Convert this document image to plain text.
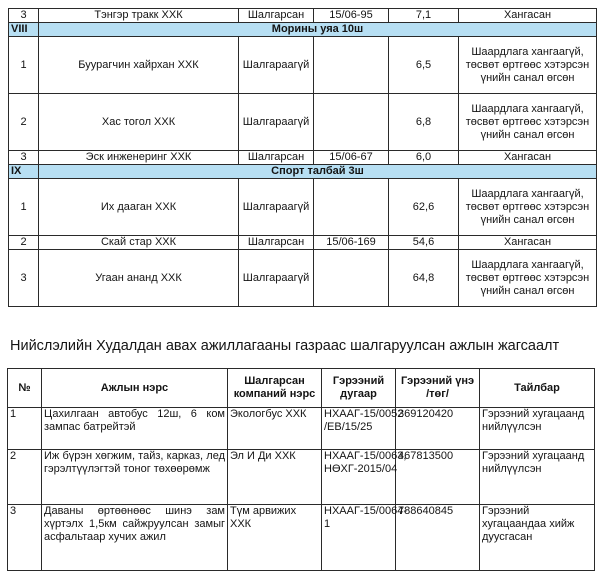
3	Тэнгэр тракк ХХК	Шалгарсан	15/06-95	7,1	Хангасан
VIII	Морины уяа 10ш				
1	Буурагчин хайрхан ХХК	Шалгараагүй		6,5	Шаардлага хангаагүй, төсвөт өртгөөс хэтэрсэн үнийн санал өгсөн
2	Хас тогол ХХК	Шалгараагүй		6,8	Шаардлага хангаагүй, төсвөт өртгөөс хэтэрсэн үнийн санал өгсөн
3	Эск инженеринг ХХК	Шалгарсан	15/06-67	6,0	Хангасан
IX	Спорт талбай 3ш				
1	Их дааган ХХК	Шалгараагүй		62,6	Шаардлага хангаагүй, төсвөт өртгөөс хэтэрсэн үнийн санал өгсөн
2	Скай стар ХХК	Шалгарсан	15/06-169	54,6	Хангасан
3	Угаан ананд ХХК	Шалгараагүй		64,8	Шаардлага хангаагүй, төсвөт өртгөөс хэтэрсэн үнийн санал өгсөн
Нийслэлийн Худалдан авах ажиллагааны газраас шалгаруулсан ажлын жагсаалт
№	Ажлын нэрс	Шалгарсан компаний нэрс	Гэрээний дугаар	Гэрээний үнэ /төг/	Тайлбар
1	Цахилгаан автобус 12ш, 6 ком зампас батрейтэй	Экологбус ХХК	НХААГ-15/0052 /ЕВ/15/25	369120420	Гэрээний хугацаанд нийлүүлсэн
2	Иж бүрэн хөгжим, тайз, карказ, лед гэрэлтүүлэгтэй тоног төхөөрөмж	Эл И Ди ХХК	НХААГ-15/0063, НӨХГ-2015/04	467813500	Гэрээний хугацаанд нийлүүлсэн
3	Даваны өртөөнөөс шинэ зам хүртэлх 1,5км сайжруулсан замыг асфальтаар хучих ажил	Түм арвижих ХХК	НХААГ-15/0064-1	788640845	Гэрээний хугацаандаа хийж дуусгасан
